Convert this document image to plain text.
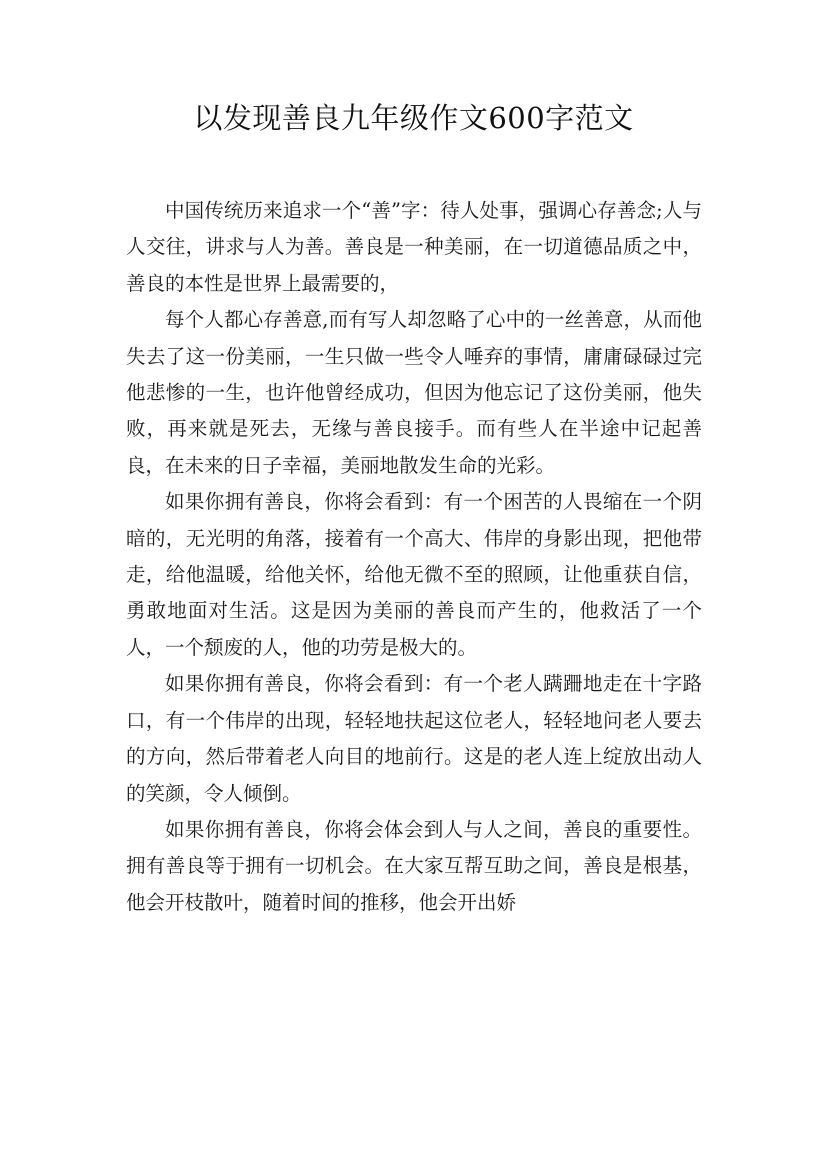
以发现善良九年级作文600字范文

中国传统历来追求一个“善”字：待人处事，强调心存善念;人与人交往，讲求与人为善。善良是一种美丽，在一切道德品质之中，善良的本性是世界上最需要的，

每个人都心存善意,而有写人却忽略了心中的一丝善意，从而他失去了这一份美丽，一生只做一些令人唾弃的事情，庸庸碌碌过完他悲惨的一生，也许他曾经成功，但因为他忘记了这份美丽，他失败，再来就是死去，无缘与善良接手。而有些人在半途中记起善良，在未来的日子幸福，美丽地散发生命的光彩。

如果你拥有善良，你将会看到：有一个困苦的人畏缩在一个阴暗的，无光明的角落，接着有一个高大、伟岸的身影出现，把他带走，给他温暖，给他关怀，给他无微不至的照顾，让他重获自信，勇敢地面对生活。这是因为美丽的善良而产生的，他救活了一个人，一个颓废的人，他的功劳是极大的。

如果你拥有善良，你将会看到：有一个老人蹒跚地走在十字路口，有一个伟岸的出现，轻轻地扶起这位老人，轻轻地问老人要去的方向，然后带着老人向目的地前行。这是的老人连上绽放出动人的笑颜，令人倾倒。

如果你拥有善良，你将会体会到人与人之间，善良的重要性。拥有善良等于拥有一切机会。在大家互帮互助之间，善良是根基，他会开枝散叶，随着时间的推移，他会开出娇
